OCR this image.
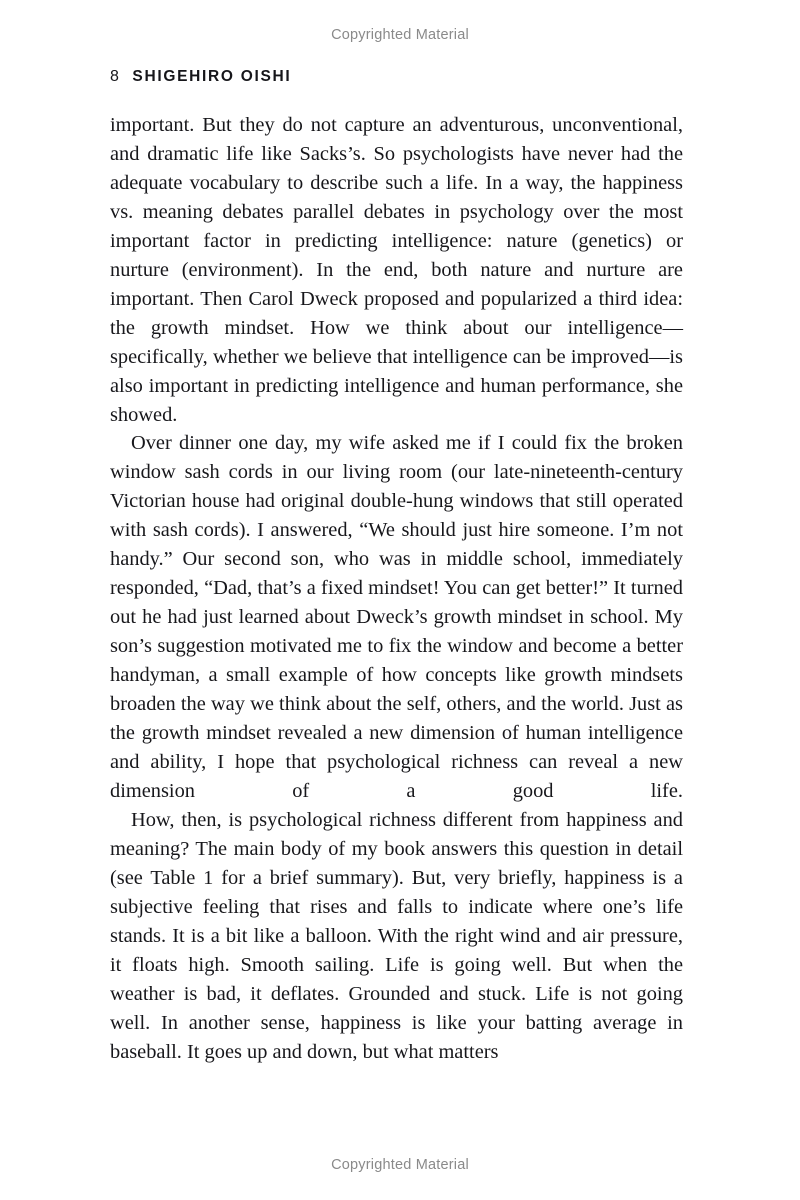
Copyrighted Material
8 SHIGEHIRO OISHI

important. But they do not capture an adventurous, unconventional, and dramatic life like Sacks’s. So psychologists have never had the adequate vocabulary to describe such a life. In a way, the happiness vs. meaning debates parallel debates in psychology over the most important factor in predicting intelligence: nature (genetics) or nurture (environment). In the end, both nature and nurture are important. Then Carol Dweck proposed and popularized a third idea: the growth mindset. How we think about our intelligence—specifically, whether we believe that intelligence can be improved—is also important in predicting intelligence and human performance, she showed.

Over dinner one day, my wife asked me if I could fix the broken window sash cords in our living room (our late-nineteenth-century Victorian house had original double-hung windows that still operated with sash cords). I answered, “We should just hire someone. I’m not handy.” Our second son, who was in middle school, immediately responded, “Dad, that’s a fixed mindset! You can get better!” It turned out he had just learned about Dweck’s growth mindset in school. My son’s suggestion motivated me to fix the window and become a better handyman, a small example of how concepts like growth mindsets broaden the way we think about the self, others, and the world. Just as the growth mindset revealed a new dimension of human intelligence and ability, I hope that psychological richness can reveal a new dimension of a good life.

How, then, is psychological richness different from happiness and meaning? The main body of my book answers this question in detail (see Table 1 for a brief summary). But, very briefly, happiness is a subjective feeling that rises and falls to indicate where one’s life stands. It is a bit like a balloon. With the right wind and air pressure, it floats high. Smooth sailing. Life is going well. But when the weather is bad, it deflates. Grounded and stuck. Life is not going well. In another sense, happiness is like your batting average in baseball. It goes up and down, but what matters

Copyrighted Material
